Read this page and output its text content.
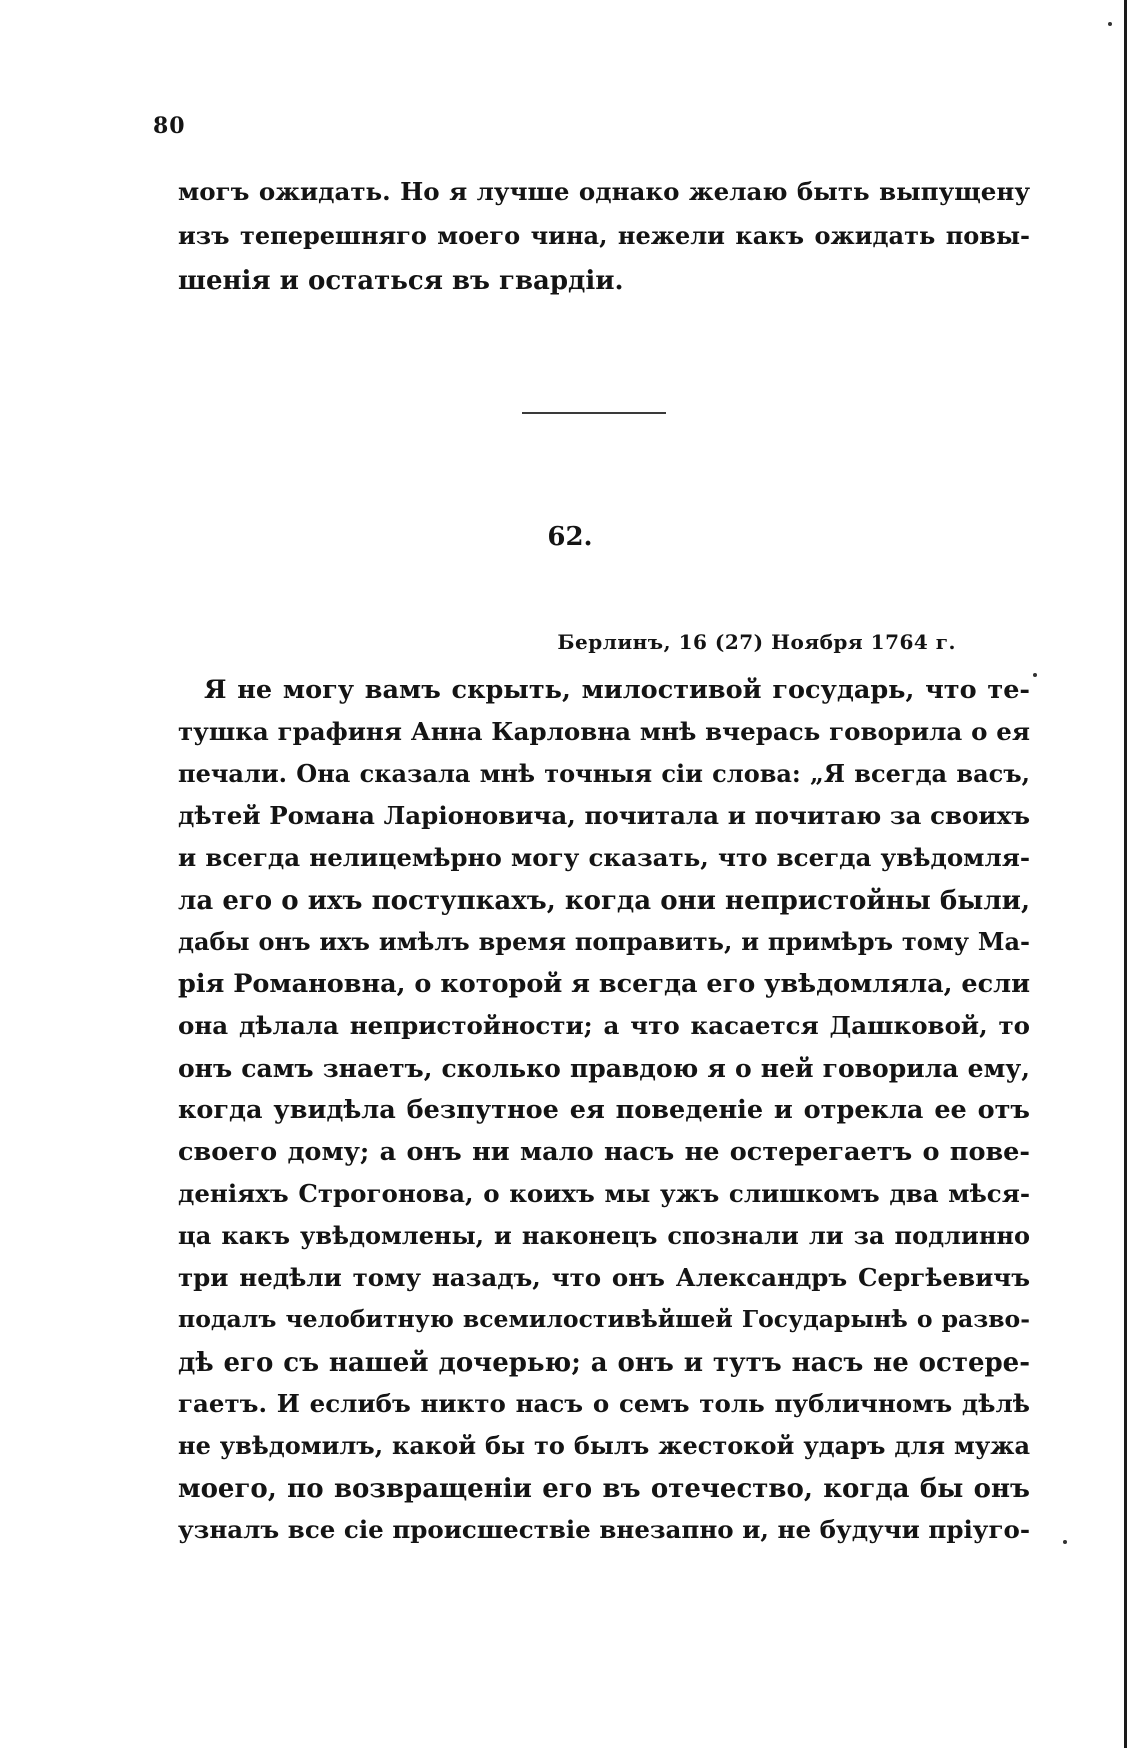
80
могъ ожидать. Но я лучше однако желаю быть выпущену
изъ теперешняго моего чина, нежели какъ ожидать повы-
шенія и остаться въ гвардіи.
62.
Берлинъ, 16 (27) Ноября 1764 г.
Я не могу вамъ скрыть, милостивой государь, что те-
тушка графиня Анна Карловна мнѣ вчерась говорила о ея
печали. Она сказала мнѣ точныя сіи слова: „Я всегда васъ,
дѣтей Романа Ларіоновича, почитала и почитаю за своихъ
и всегда нелицемѣрно могу сказать, что всегда увѣдомля-
ла его о ихъ поступкахъ, когда они непристойны были,
дабы онъ ихъ имѣлъ время поправить, и примѣръ тому Ма-
рія Романовна, о которой я всегда его увѣдомляла, если
она дѣлала непристойности; а что касается Дашковой, то
онъ самъ знаетъ, сколько правдою я о ней говорила ему,
когда увидѣла безпутное ея поведеніе и отрекла ее отъ
своего дому; а онъ ни мало насъ не остерегаетъ о пове-
деніяхъ Строгонова, о коихъ мы ужъ слишкомъ два мѣся-
ца какъ увѣдомлены, и наконецъ спознали ли за подлинно
три недѣли тому назадъ, что онъ Александръ Сергѣевичъ
подалъ челобитную всемилостивѣйшей Государынѣ о разво-
дѣ его съ нашей дочерью; а онъ и тутъ насъ не остере-
гаетъ. И еслибъ никто насъ о семъ толь публичномъ дѣлѣ
не увѣдомилъ, какой бы то былъ жестокой ударъ для мужа
моего, по возвращеніи его въ отечество, когда бы онъ
узналъ все сіе происшествіе внезапно и, не будучи пріуго-
